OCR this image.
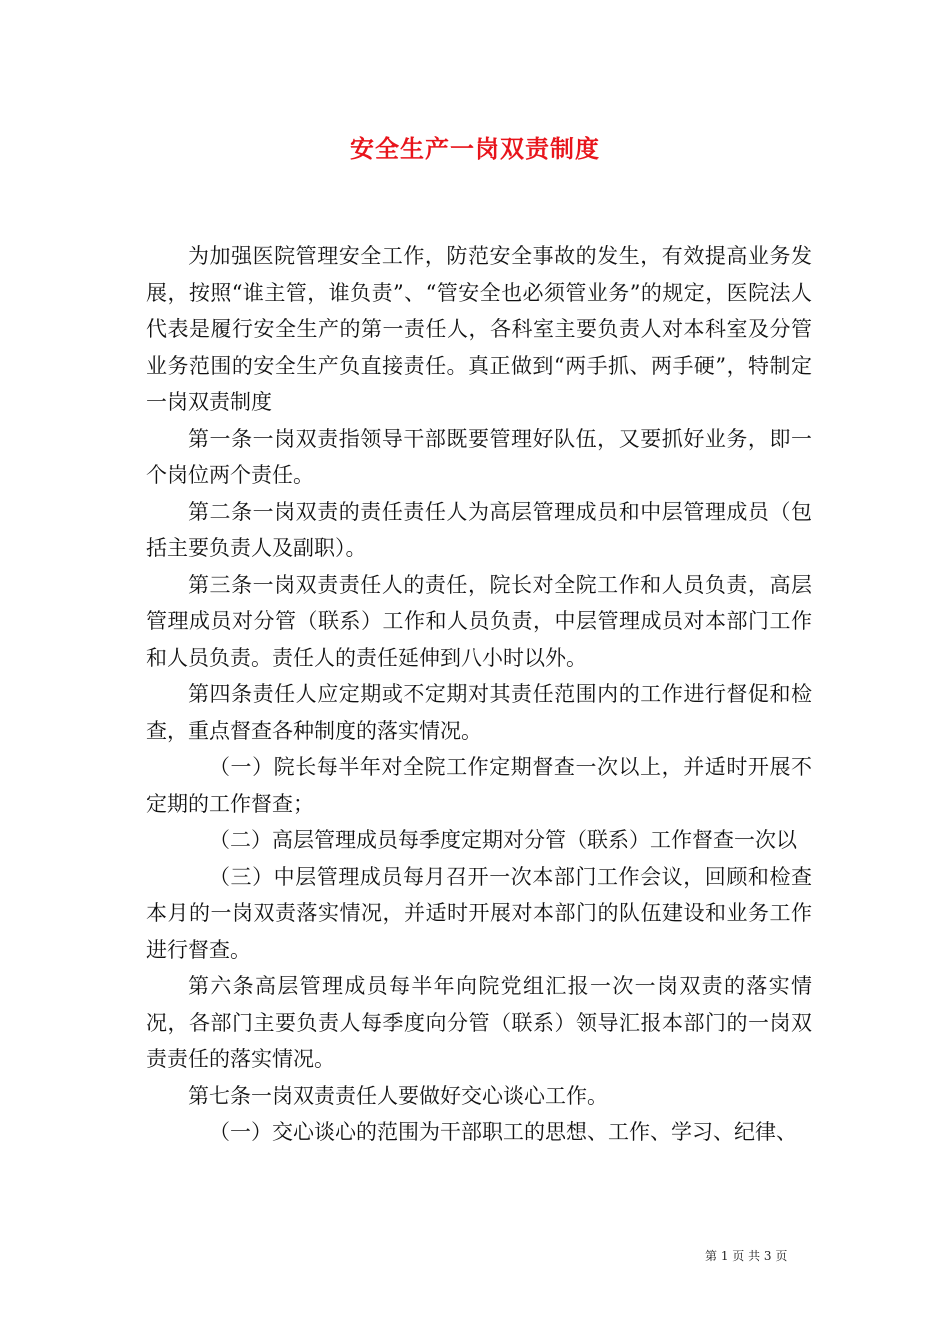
安全生产一岗双责制度

为加强医院管理安全工作，防范安全事故的发生，有效提高业务发展，按照“谁主管，谁负责”、“管安全也必须管业务”的规定，医院法人代表是履行安全生产的第一责任人，各科室主要负责人对本科室及分管业务范围的安全生产负直接责任。真正做到“两手抓、两手硬”，特制定一岗双责制度

第一条一岗双责指领导干部既要管理好队伍，又要抓好业务，即一个岗位两个责任。

第二条一岗双责的责任责任人为高层管理成员和中层管理成员（包括主要负责人及副职）。

第三条一岗双责责任人的责任，院长对全院工作和人员负责，高层管理成员对分管（联系）工作和人员负责，中层管理成员对本部门工作和人员负责。责任人的责任延伸到八小时以外。

第四条责任人应定期或不定期对其责任范围内的工作进行督促和检查，重点督查各种制度的落实情况。

（一）院长每半年对全院工作定期督查一次以上，并适时开展不定期的工作督查；

（二）高层管理成员每季度定期对分管（联系）工作督查一次以

（三）中层管理成员每月召开一次本部门工作会议，回顾和检查本月的一岗双责落实情况，并适时开展对本部门的队伍建设和业务工作进行督查。

第六条高层管理成员每半年向院党组汇报一次一岗双责的落实情况，各部门主要负责人每季度向分管（联系）领导汇报本部门的一岗双责责任的落实情况。

第七条一岗双责责任人要做好交心谈心工作。

（一）交心谈心的范围为干部职工的思想、工作、学习、纪律、

第 1 页 共 3 页
